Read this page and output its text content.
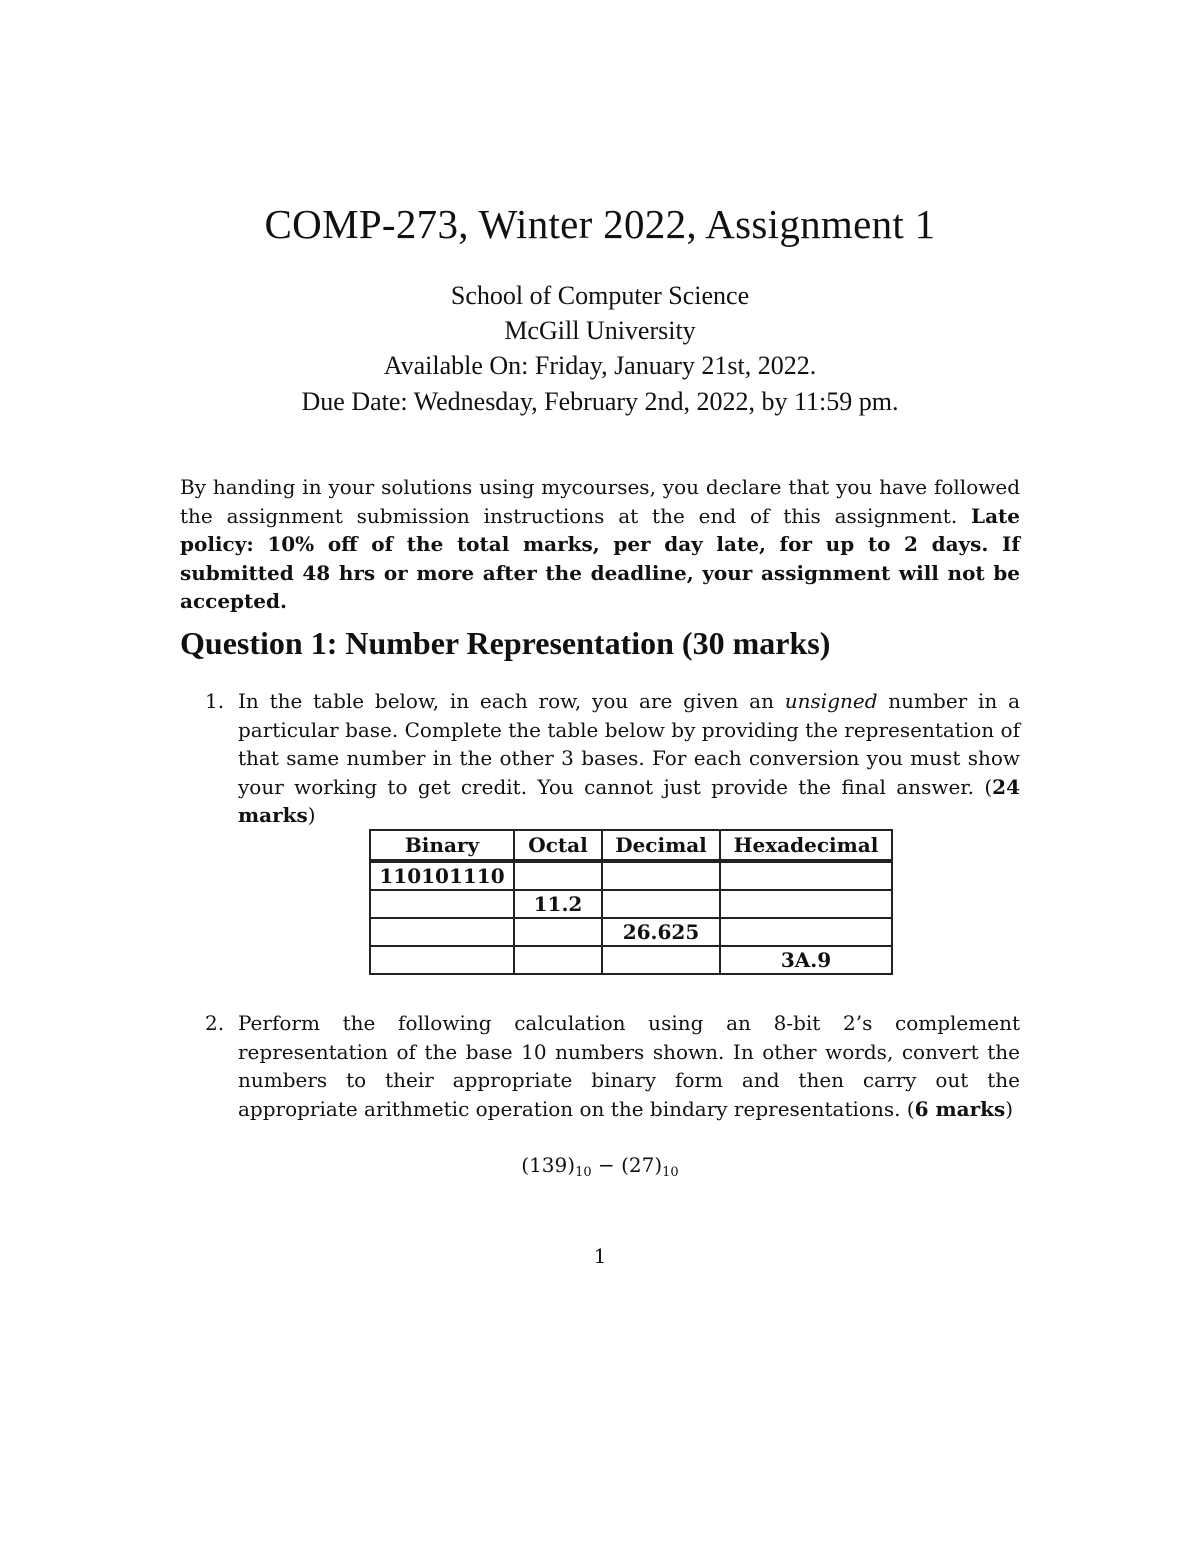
COMP-273, Winter 2022, Assignment 1
School of Computer Science
McGill University
Available On: Friday, January 21st, 2022.
Due Date: Wednesday, February 2nd, 2022, by 11:59 pm.
By handing in your solutions using mycourses, you declare that you have followed the assignment submission instructions at the end of this assignment. Late policy: 10% off of the total marks, per day late, for up to 2 days. If submitted 48 hrs or more after the deadline, your assignment will not be accepted.
Question 1: Number Representation (30 marks)
1. In the table below, in each row, you are given an unsigned number in a particular base. Complete the table below by providing the representation of that same number in the other 3 bases. For each conversion you must show your working to get credit. You cannot just provide the final answer. (24 marks)
Binary	Octal	Decimal	Hexadecimal
110101110			
	11.2		
		26.625	
			3A.9
2. Perform the following calculation using an 8-bit 2’s complement representation of the base 10 numbers shown. In other words, convert the numbers to their appropriate binary form and then carry out the appropriate arithmetic operation on the bindary representations. (6 marks)
$(139)_{10} - (27)_{10}$
1
